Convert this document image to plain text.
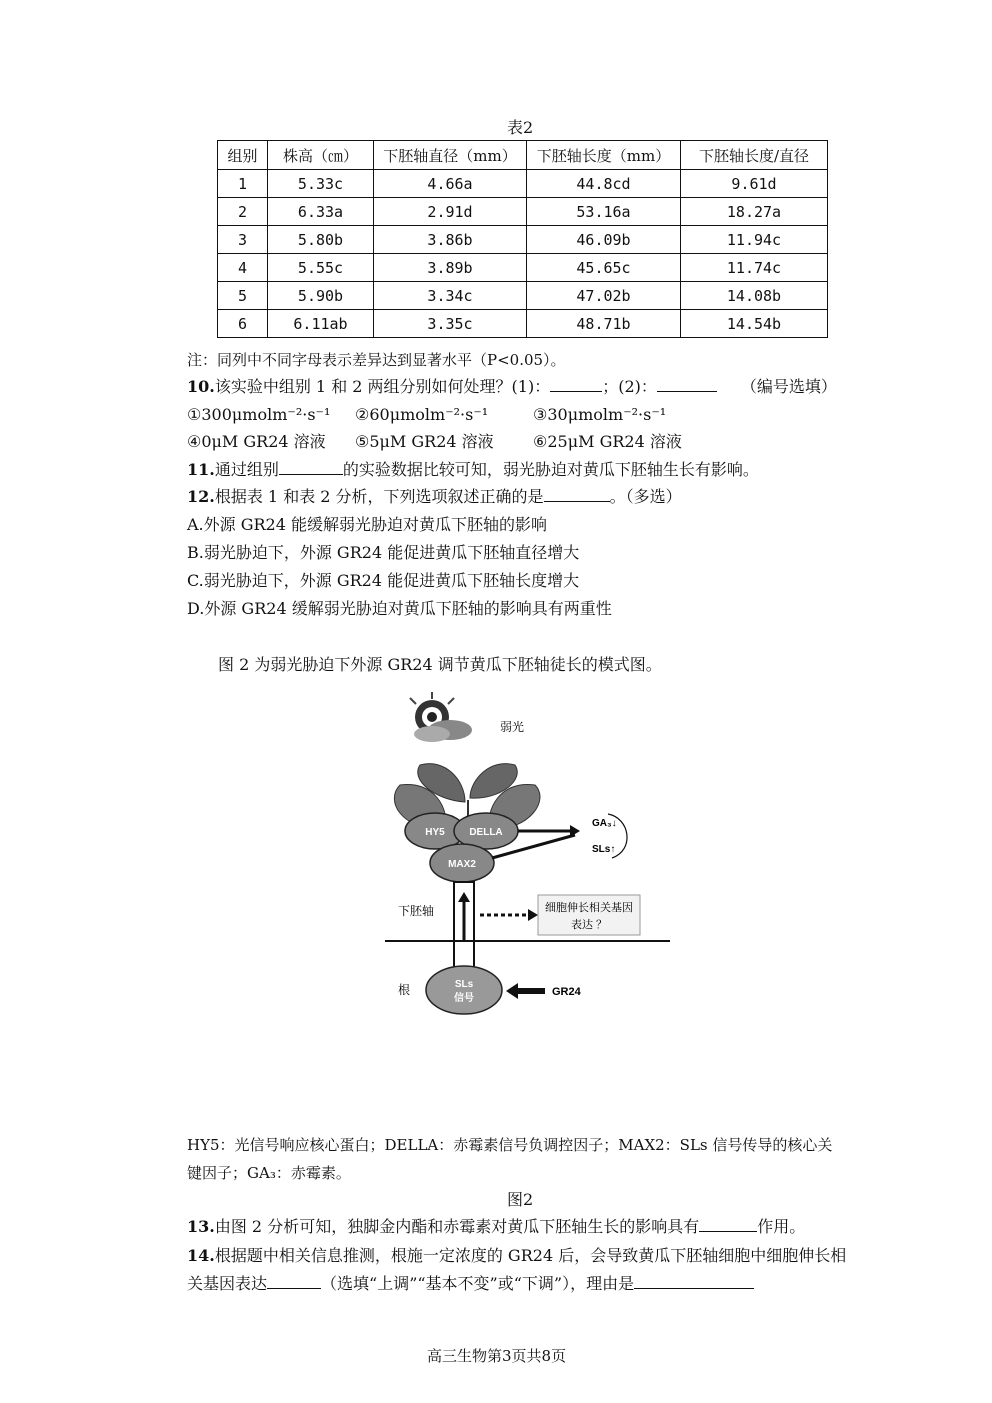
表2
组别	株高（㎝）	下胚轴直径（mm）	下胚轴长度（mm）	下胚轴长度/直径
1	5.33c	4.66a	44.8cd	9.61d
2	6.33a	2.91d	53.16a	18.27a
3	5.80b	3.86b	46.09b	11.94c
4	5.55c	3.89b	45.65c	11.74c
5	5.90b	3.34c	47.02b	14.08b
6	6.11ab	3.35c	48.71b	14.54b
注：同列中不同字母表示差异达到显著水平（P<0.05）。
10.该实验中组别 1 和 2 两组分别如何处理？(1)：	；(2)：	（编号选填）
①300μmolm⁻²·s⁻¹ ②60μmolm⁻²·s⁻¹	③30μmolm⁻²·s⁻¹
④0μM GR24 溶液 ⑤5μM GR24 溶液 ⑥25μM GR24 溶液
11.通过组别	的实验数据比较可知，弱光胁迫对黄瓜下胚轴生长有影响。
12.根据表 1 和表 2 分析，下列选项叙述正确的是	。（多选）
A.外源 GR24 能缓解弱光胁迫对黄瓜下胚轴的影响
B.弱光胁迫下，外源 GR24 能促进黄瓜下胚轴直径增大
C.弱光胁迫下，外源 GR24 能促进黄瓜下胚轴长度增大
D.外源 GR24 缓解弱光胁迫对黄瓜下胚轴的影响具有两重性
图 2 为弱光胁迫下外源 GR24 调节黄瓜下胚轴徒长的模式图。
弱光
HY5 DELLA
MAX2
GA₃↓
SLs↑
下胚轴	细胞伸长相关基因
表达 ？
SLs
信号
根	GR24
HY5：光信号响应核心蛋白；DELLA：赤霉素信号负调控因子；MAX2：SLs 信号传导的核心关
键因子；GA₃：赤霉素。
图2
13.由图 2 分析可知，独脚金内酯和赤霉素对黄瓜下胚轴生长的影响具有	作用。
14.根据题中相关信息推测，根施一定浓度的 GR24 后，会导致黄瓜下胚轴细胞中细胞伸长相
关基因表达	（选填“上调”“基本不变”或“下调”），理由是
高三生物第3页共8页
